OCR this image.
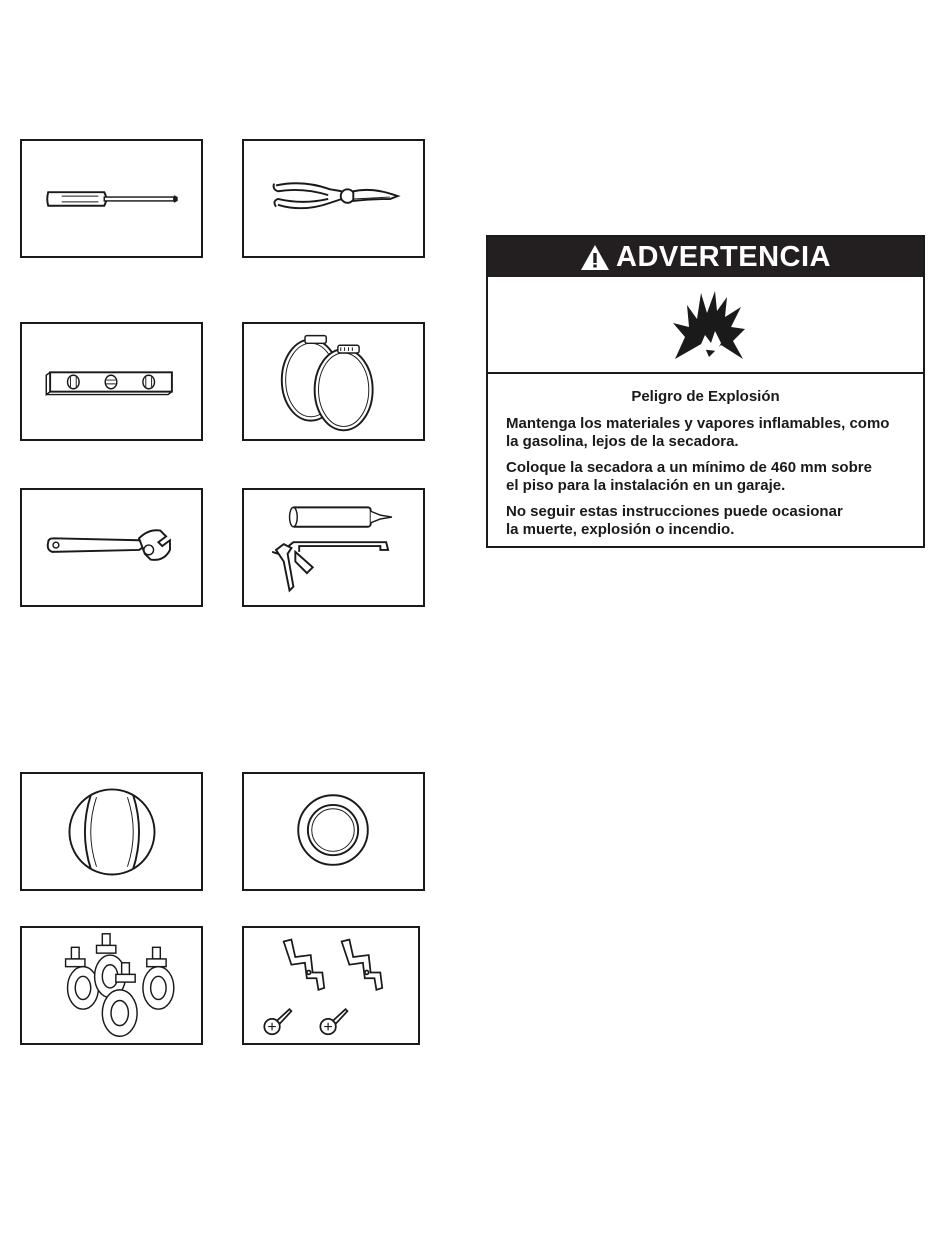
ADVERTENCIA
Peligro de Explosión
Mantenga los materiales y vapores inflamables, como
la gasolina, lejos de la secadora.
Coloque la secadora a un mínimo de 460 mm sobre
el piso para la instalación en un garaje.
No seguir estas instrucciones puede ocasionar
la muerte, explosión o incendio.
